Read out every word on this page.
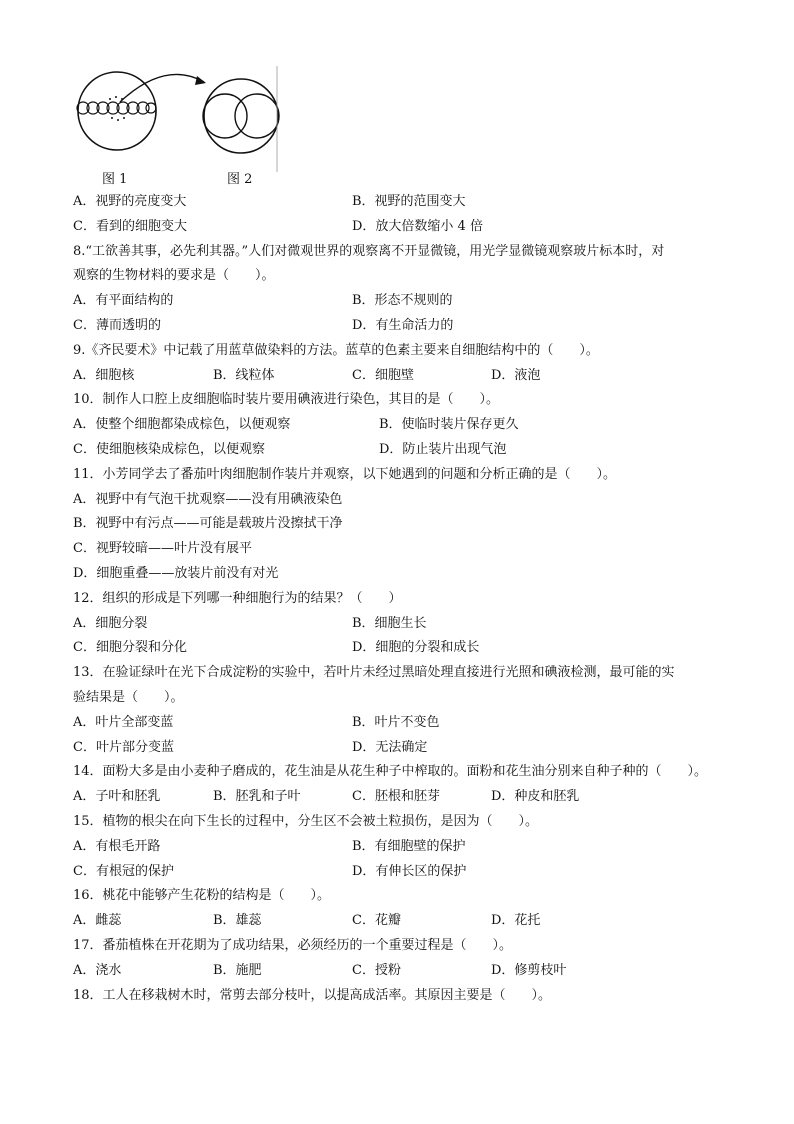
图 1	图 2
A．视野的亮度变大	B．视野的范围变大
C．看到的细胞变大	D．放大倍数缩小 4 倍
8.“工欲善其事，必先利其器。”人们对微观世界的观察离不开显微镜，用光学显微镜观察玻片标本时，对
观察的生物材料的要求是（　　）。
A．有平面结构的	B．形态不规则的
C．薄而透明的	D．有生命活力的
9.《齐民要术》中记载了用蓝草做染料的方法。蓝草的色素主要来自细胞结构中的（　　）。
A．细胞核	B．线粒体	C．细胞壁	D．液泡
10．制作人口腔上皮细胞临时装片要用碘液进行染色，其目的是（　　）。
A．使整个细胞都染成棕色，以便观察	B．使临时装片保存更久
C．使细胞核染成棕色，以便观察	D．防止装片出现气泡
11．小芳同学去了番茄叶肉细胞制作装片并观察，以下她遇到的问题和分析正确的是（　　）。
A．视野中有气泡干扰观察——没有用碘液染色
B．视野中有污点——可能是载玻片没擦拭干净
C．视野较暗——叶片没有展平
D．细胞重叠——放装片前没有对光
12．组织的形成是下列哪一种细胞行为的结果？（　　）
A．细胞分裂	B．细胞生长
C．细胞分裂和分化	D．细胞的分裂和成长
13．在验证绿叶在光下合成淀粉的实验中，若叶片未经过黑暗处理直接进行光照和碘液检测，最可能的实
验结果是（　　）。
A．叶片全部变蓝	B．叶片不变色
C．叶片部分变蓝	D．无法确定
14．面粉大多是由小麦种子磨成的，花生油是从花生种子中榨取的。面粉和花生油分别来自种子种的（　　）。
A．子叶和胚乳	B．胚乳和子叶	C．胚根和胚芽	D．种皮和胚乳
15．植物的根尖在向下生长的过程中，分生区不会被土粒损伤，是因为（　　）。
A．有根毛开路	B．有细胞壁的保护
C．有根冠的保护	D．有伸长区的保护
16．桃花中能够产生花粉的结构是（　　）。
A．雌蕊	B．雄蕊	C．花瓣	D．花托
17．番茄植株在开花期为了成功结果，必须经历的一个重要过程是（　　）。
A．浇水	B．施肥	C．授粉	D．修剪枝叶
18．工人在移栽树木时，常剪去部分枝叶，以提高成活率。其原因主要是（　　）。
